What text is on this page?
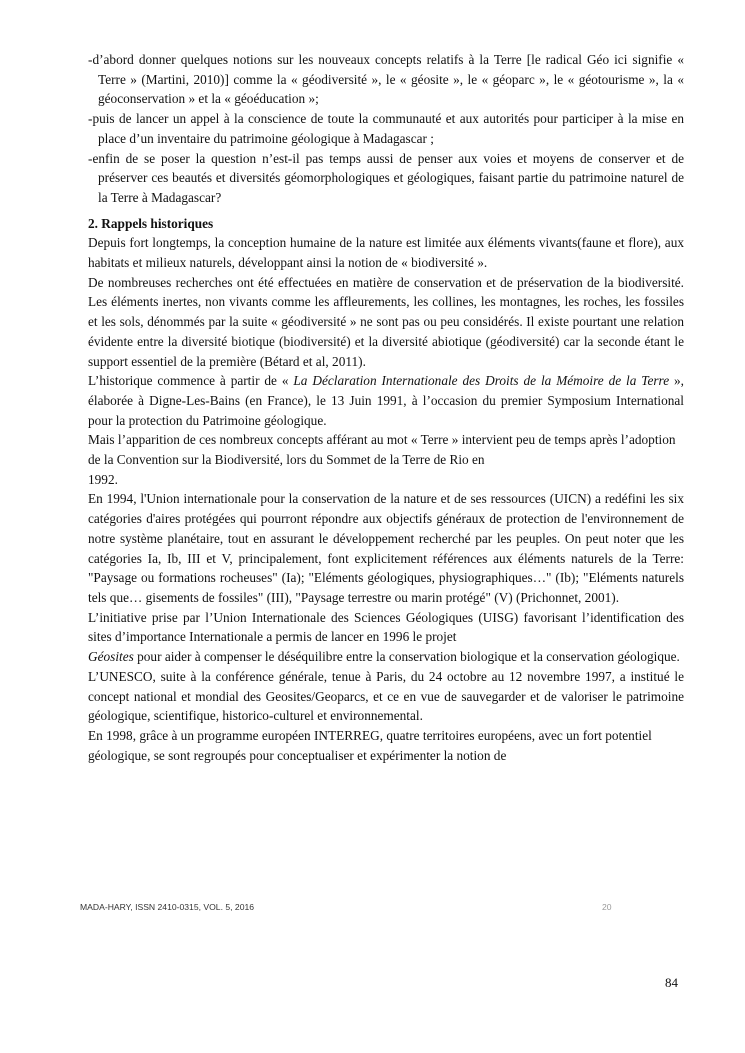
-d’abord donner quelques notions sur les nouveaux concepts relatifs à la Terre [le radical Géo ici signifie « Terre » (Martini, 2010)] comme la « géodiversité », le « géosite », le « géoparc », le « géotourisme », la « géoconservation » et la « géoéducation »;
-puis de lancer un appel à la conscience de toute la communauté et aux autorités pour participer à la mise en place d’un inventaire du patrimoine géologique à Madagascar ;
-enfin de se poser la question n’est-il pas temps aussi de penser aux voies et moyens de conserver et de préserver ces beautés et diversités géomorphologiques et géologiques, faisant partie du patrimoine naturel de la Terre à Madagascar?
2. Rappels historiques

Depuis fort longtemps, la conception humaine de la nature est limitée aux éléments vivants(faune et flore), aux habitats et milieux naturels, développant ainsi la notion de « biodiversité ».

De nombreuses recherches ont été effectuées en matière de conservation et de préservation de la biodiversité. Les éléments inertes, non vivants comme les affleurements, les collines, les montagnes, les roches, les fossiles et les sols, dénommés par la suite « géodiversité » ne sont pas ou peu considérés. Il existe pourtant une relation évidente entre la diversité biotique (biodiversité) et la diversité abiotique (géodiversité) car la seconde étant le support essentiel de la première (Bétard et al, 2011).

L’historique commence à partir de « La Déclaration Internationale des Droits de la Mémoire de la Terre », élaborée à Digne-Les-Bains (en France), le 13 Juin 1991, à l’occasion du premier Symposium International pour la protection du Patrimoine géologique.

Mais l’apparition de ces nombreux concepts afférant au mot « Terre » intervient peu de temps après l’adoption de la Convention sur la Biodiversité, lors du Sommet de la Terre de Rio en
1992.

En 1994, l'Union internationale pour la conservation de la nature et de ses ressources (UICN) a redéfini les six catégories d'aires protégées qui pourront répondre aux objectifs généraux de protection de l'environnement de notre système planétaire, tout en assurant le développement recherché par les peuples. On peut noter que les catégories Ia, Ib, III et V, principalement, font explicitement références aux éléments naturels de la Terre: "Paysage ou formations rocheuses" (Ia); "Eléments géologiques, physiographiques…" (Ib); "Eléments naturels tels que… gisements de fossiles" (III), "Paysage terrestre ou marin protégé" (V) (Prichonnet, 2001).

L’initiative prise par l’Union Internationale des Sciences Géologiques (UISG) favorisant l’identification des sites d’importance Internationale a permis de lancer en 1996 le projet
Géosites pour aider à compenser le déséquilibre entre la conservation biologique et la conservation géologique.

L’UNESCO, suite à la conférence générale, tenue à Paris, du 24 octobre au 12 novembre 1997, a institué le concept national et mondial des Geosites/Geoparcs, et ce en vue de sauvegarder et de valoriser le patrimoine géologique, scientifique, historico-culturel et environnemental.

En 1998, grâce à un programme européen INTERREG, quatre territoires européens, avec un fort potentiel géologique, se sont regroupés pour conceptualiser et expérimenter la notion de

MADA-HARY, ISSN 2410-0315, VOL. 5, 2016	20
84
